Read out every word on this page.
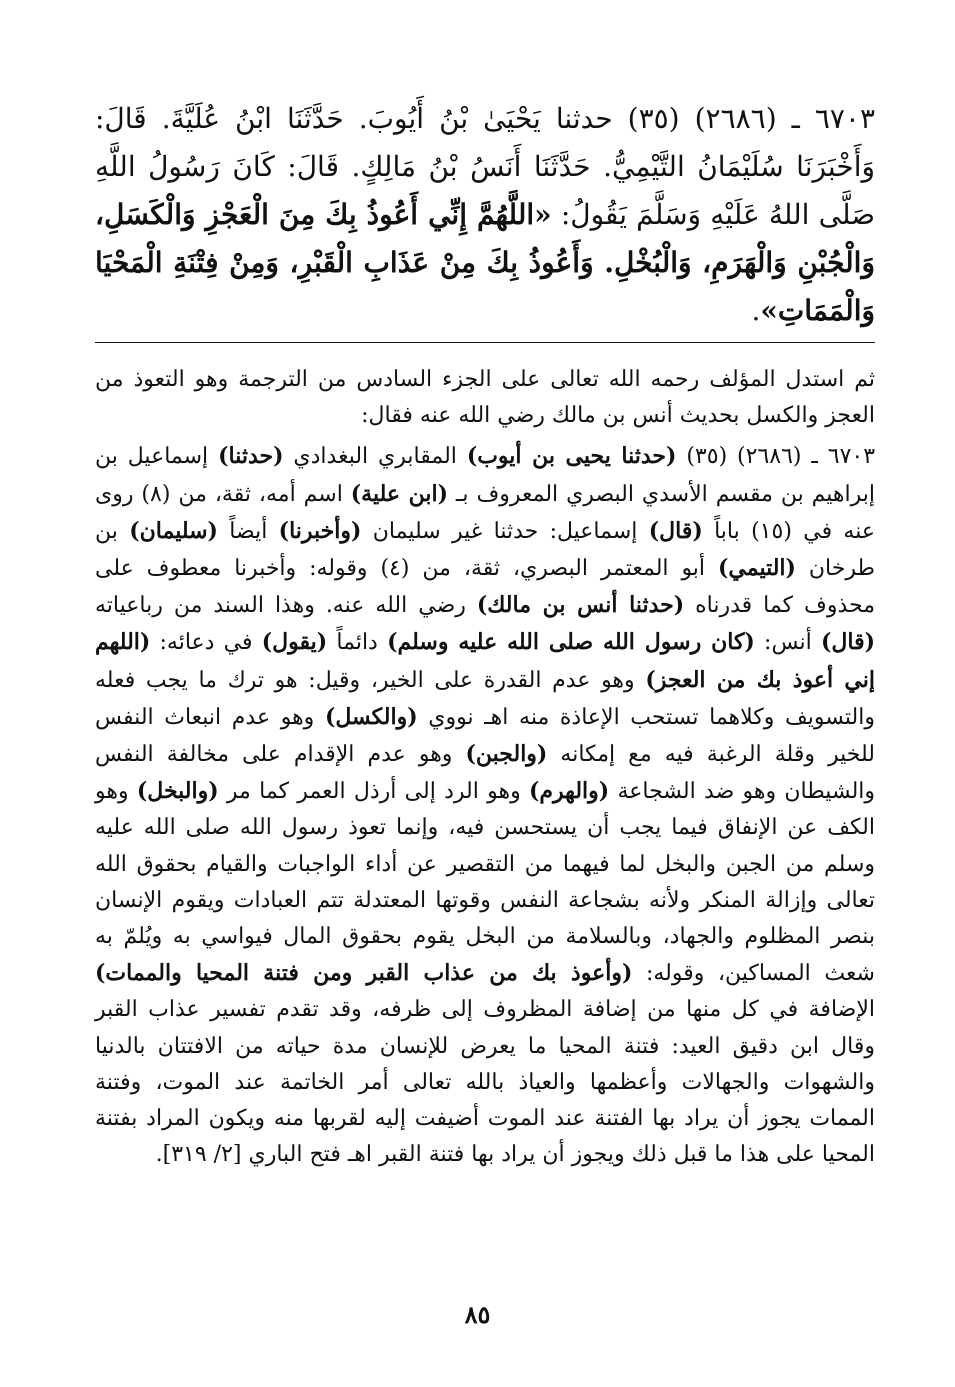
٦٧٠٣ ـ (٢٦٨٦) (٣٥) حدثنا يَحْيَىٰ بْنُ أَيُوبَ. حَدَّثَنَا ابْنُ عُلَيَّةَ. قَالَ: وَأَخْبَرَنَا سُلَيْمَانُ التَّيْمِيُّ. حَدَّثَنَا أَنَسُ بْنُ مَالِكٍ. قَالَ: كَانَ رَسُولُ اللَّهِ صَلَّى اللهُ عَلَيْهِ وَسَلَّمَ يَقُولُ: «اللَّهُمَّ إِنِّي أَعُوذُ بِكَ مِنَ الْعَجْزِ وَالْكَسَلِ، وَالْجُبْنِ وَالْهَرَمِ، وَالْبُخْلِ. وَأَعُوذُ بِكَ مِنْ عَذَابِ الْقَبْرِ، وَمِنْ فِتْنَةِ الْمَحْيَا وَالْمَمَاتِ».

ثم استدل المؤلف رحمه الله تعالى على الجزء السادس من الترجمة وهو التعوذ من العجز والكسل بحديث أنس بن مالك رضي الله عنه فقال:

٦٧٠٣ ـ (٢٦٨٦) (٣٥) (حدثنا يحيى بن أيوب) المقابري البغدادي (حدثنا) إسماعيل بن إبراهيم بن مقسم الأسدي البصري المعروف بـ (ابن علية) اسم أمه، ثقة، من (٨) روى عنه في (١٥) باباً (قال) إسماعيل: حدثنا غير سليمان (وأخبرنا) أيضاً (سليمان) بن طرخان (التيمي) أبو المعتمر البصري، ثقة، من (٤) وقوله: وأخبرنا معطوف على محذوف كما قدرناه (حدثنا أنس بن مالك) رضي الله عنه. وهذا السند من رباعياته (قال) أنس: (كان رسول الله صلى الله عليه وسلم) دائماً (يقول) في دعائه: (اللهم إني أعوذ بك من العجز) وهو عدم القدرة على الخير، وقيل: هو ترك ما يجب فعله والتسويف وكلاهما تستحب الإعاذة منه اهـ نووي (والكسل) وهو عدم انبعاث النفس للخير وقلة الرغبة فيه مع إمكانه (والجبن) وهو عدم الإقدام على مخالفة النفس والشيطان وهو ضد الشجاعة (والهرم) وهو الرد إلى أرذل العمر كما مر (والبخل) وهو الكف عن الإنفاق فيما يجب أن يستحسن فيه، وإنما تعوذ رسول الله صلى الله عليه وسلم من الجبن والبخل لما فيهما من التقصير عن أداء الواجبات والقيام بحقوق الله تعالى وإزالة المنكر ولأنه بشجاعة النفس وقوتها المعتدلة تتم العبادات ويقوم الإنسان بنصر المظلوم والجهاد، وبالسلامة من البخل يقوم بحقوق المال فيواسي به ويُلمّ به شعث المساكين، وقوله: (وأعوذ بك من عذاب القبر ومن فتنة المحيا والممات) الإضافة في كل منها من إضافة المظروف إلى ظرفه، وقد تقدم تفسير عذاب القبر وقال ابن دقيق العيد: فتنة المحيا ما يعرض للإنسان مدة حياته من الافتتان بالدنيا والشهوات والجهالات وأعظمها والعياذ بالله تعالى أمر الخاتمة عند الموت، وفتنة الممات يجوز أن يراد بها الفتنة عند الموت أضيفت إليه لقربها منه ويكون المراد بفتنة المحيا على هذا ما قبل ذلك ويجوز أن يراد بها فتنة القبر اهـ فتح الباري [٢/ ٣١٩].

٨٥
